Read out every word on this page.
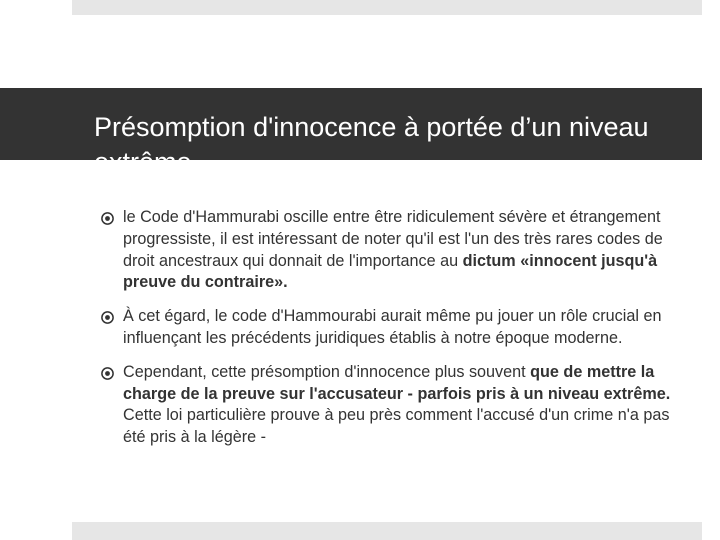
Présomption d'innocence à portée d’un niveau extrême
le Code d'Hammurabi oscille entre être ridiculement sévère et étrangement progressiste, il est intéressant de noter qu'il est l'un des très rares codes de droit ancestraux qui donnait de l'importance au dictum «innocent jusqu'à preuve du contraire».
À cet égard, le code d'Hammourabi aurait même pu jouer un rôle crucial en influençant les précédents juridiques établis à notre époque moderne.
Cependant, cette présomption d'innocence plus souvent que de mettre la charge de la preuve sur l'accusateur - parfois pris à un niveau extrême. Cette loi particulière prouve à peu près comment l'accusé d'un crime n'a pas été pris à la légère -
